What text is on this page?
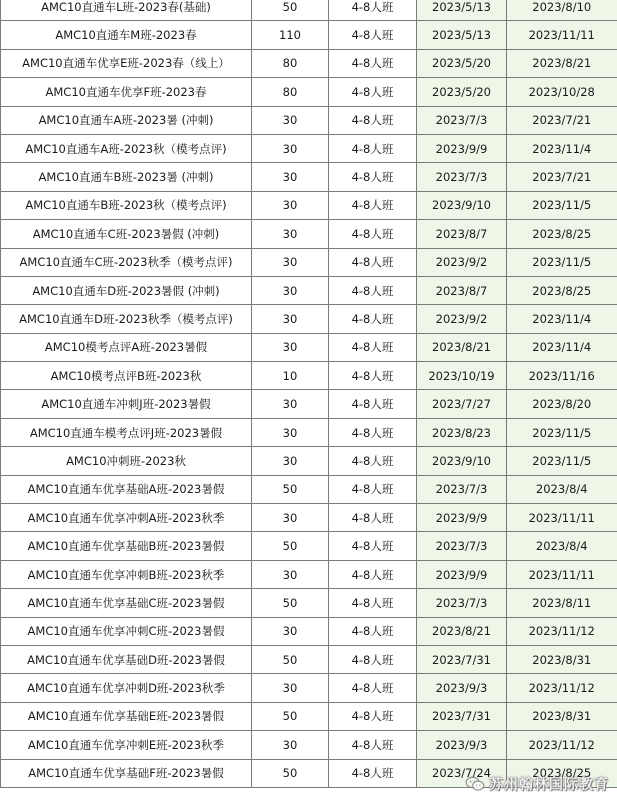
AMC10直通车L班-2023春(基础)	50	4-8人班	2023/5/13	2023/8/10
AMC10直通车M班-2023春	110	4-8人班	2023/5/13	2023/11/11
AMC10直通车优享E班-2023春（线上）	80	4-8人班	2023/5/20	2023/8/21
AMC10直通车优享F班-2023春	80	4-8人班	2023/5/20	2023/10/28
AMC10直通车A班-2023暑 (冲刺)	30	4-8人班	2023/7/3	2023/7/21
AMC10直通车A班-2023秋（模考点评)	30	4-8人班	2023/9/9	2023/11/4
AMC10直通车B班-2023暑 (冲刺)	30	4-8人班	2023/7/3	2023/7/21
AMC10直通车B班-2023秋（模考点评)	30	4-8人班	2023/9/10	2023/11/5
AMC10直通车C班-2023暑假 (冲刺)	30	4-8人班	2023/8/7	2023/8/25
AMC10直通车C班-2023秋季（模考点评)	30	4-8人班	2023/9/2	2023/11/5
AMC10直通车D班-2023暑假 (冲刺)	30	4-8人班	2023/8/7	2023/8/25
AMC10直通车D班-2023秋季（模考点评)	30	4-8人班	2023/9/2	2023/11/4
AMC10模考点评A班-2023暑假	30	4-8人班	2023/8/21	2023/11/4
AMC10模考点评B班-2023秋	10	4-8人班	2023/10/19	2023/11/16
AMC10直通车冲刺J班-2023暑假	30	4-8人班	2023/7/27	2023/8/20
AMC10直通车模考点评J班-2023暑假	30	4-8人班	2023/8/23	2023/11/5
AMC10冲刺班-2023秋	30	4-8人班	2023/9/10	2023/11/5
AMC10直通车优享基础A班-2023暑假	50	4-8人班	2023/7/3	2023/8/4
AMC10直通车优享冲刺A班-2023秋季	30	4-8人班	2023/9/9	2023/11/11
AMC10直通车优享基础B班-2023暑假	50	4-8人班	2023/7/3	2023/8/4
AMC10直通车优享冲刺B班-2023秋季	30	4-8人班	2023/9/9	2023/11/11
AMC10直通车优享基础C班-2023暑假	50	4-8人班	2023/7/3	2023/8/11
AMC10直通车优享冲刺C班-2023暑假	30	4-8人班	2023/8/21	2023/11/12
AMC10直通车优享基础D班-2023暑假	50	4-8人班	2023/7/31	2023/8/31
AMC10直通车优享冲刺D班-2023秋季	30	4-8人班	2023/9/3	2023/11/12
AMC10直通车优享基础E班-2023暑假	50	4-8人班	2023/7/31	2023/8/31
AMC10直通车优享冲刺E班-2023秋季	30	4-8人班	2023/9/3	2023/11/12
AMC10直通车优享基础F班-2023暑假	50	4-8人班	2023/7/24	2023/8/25
苏州翰林国际教育
